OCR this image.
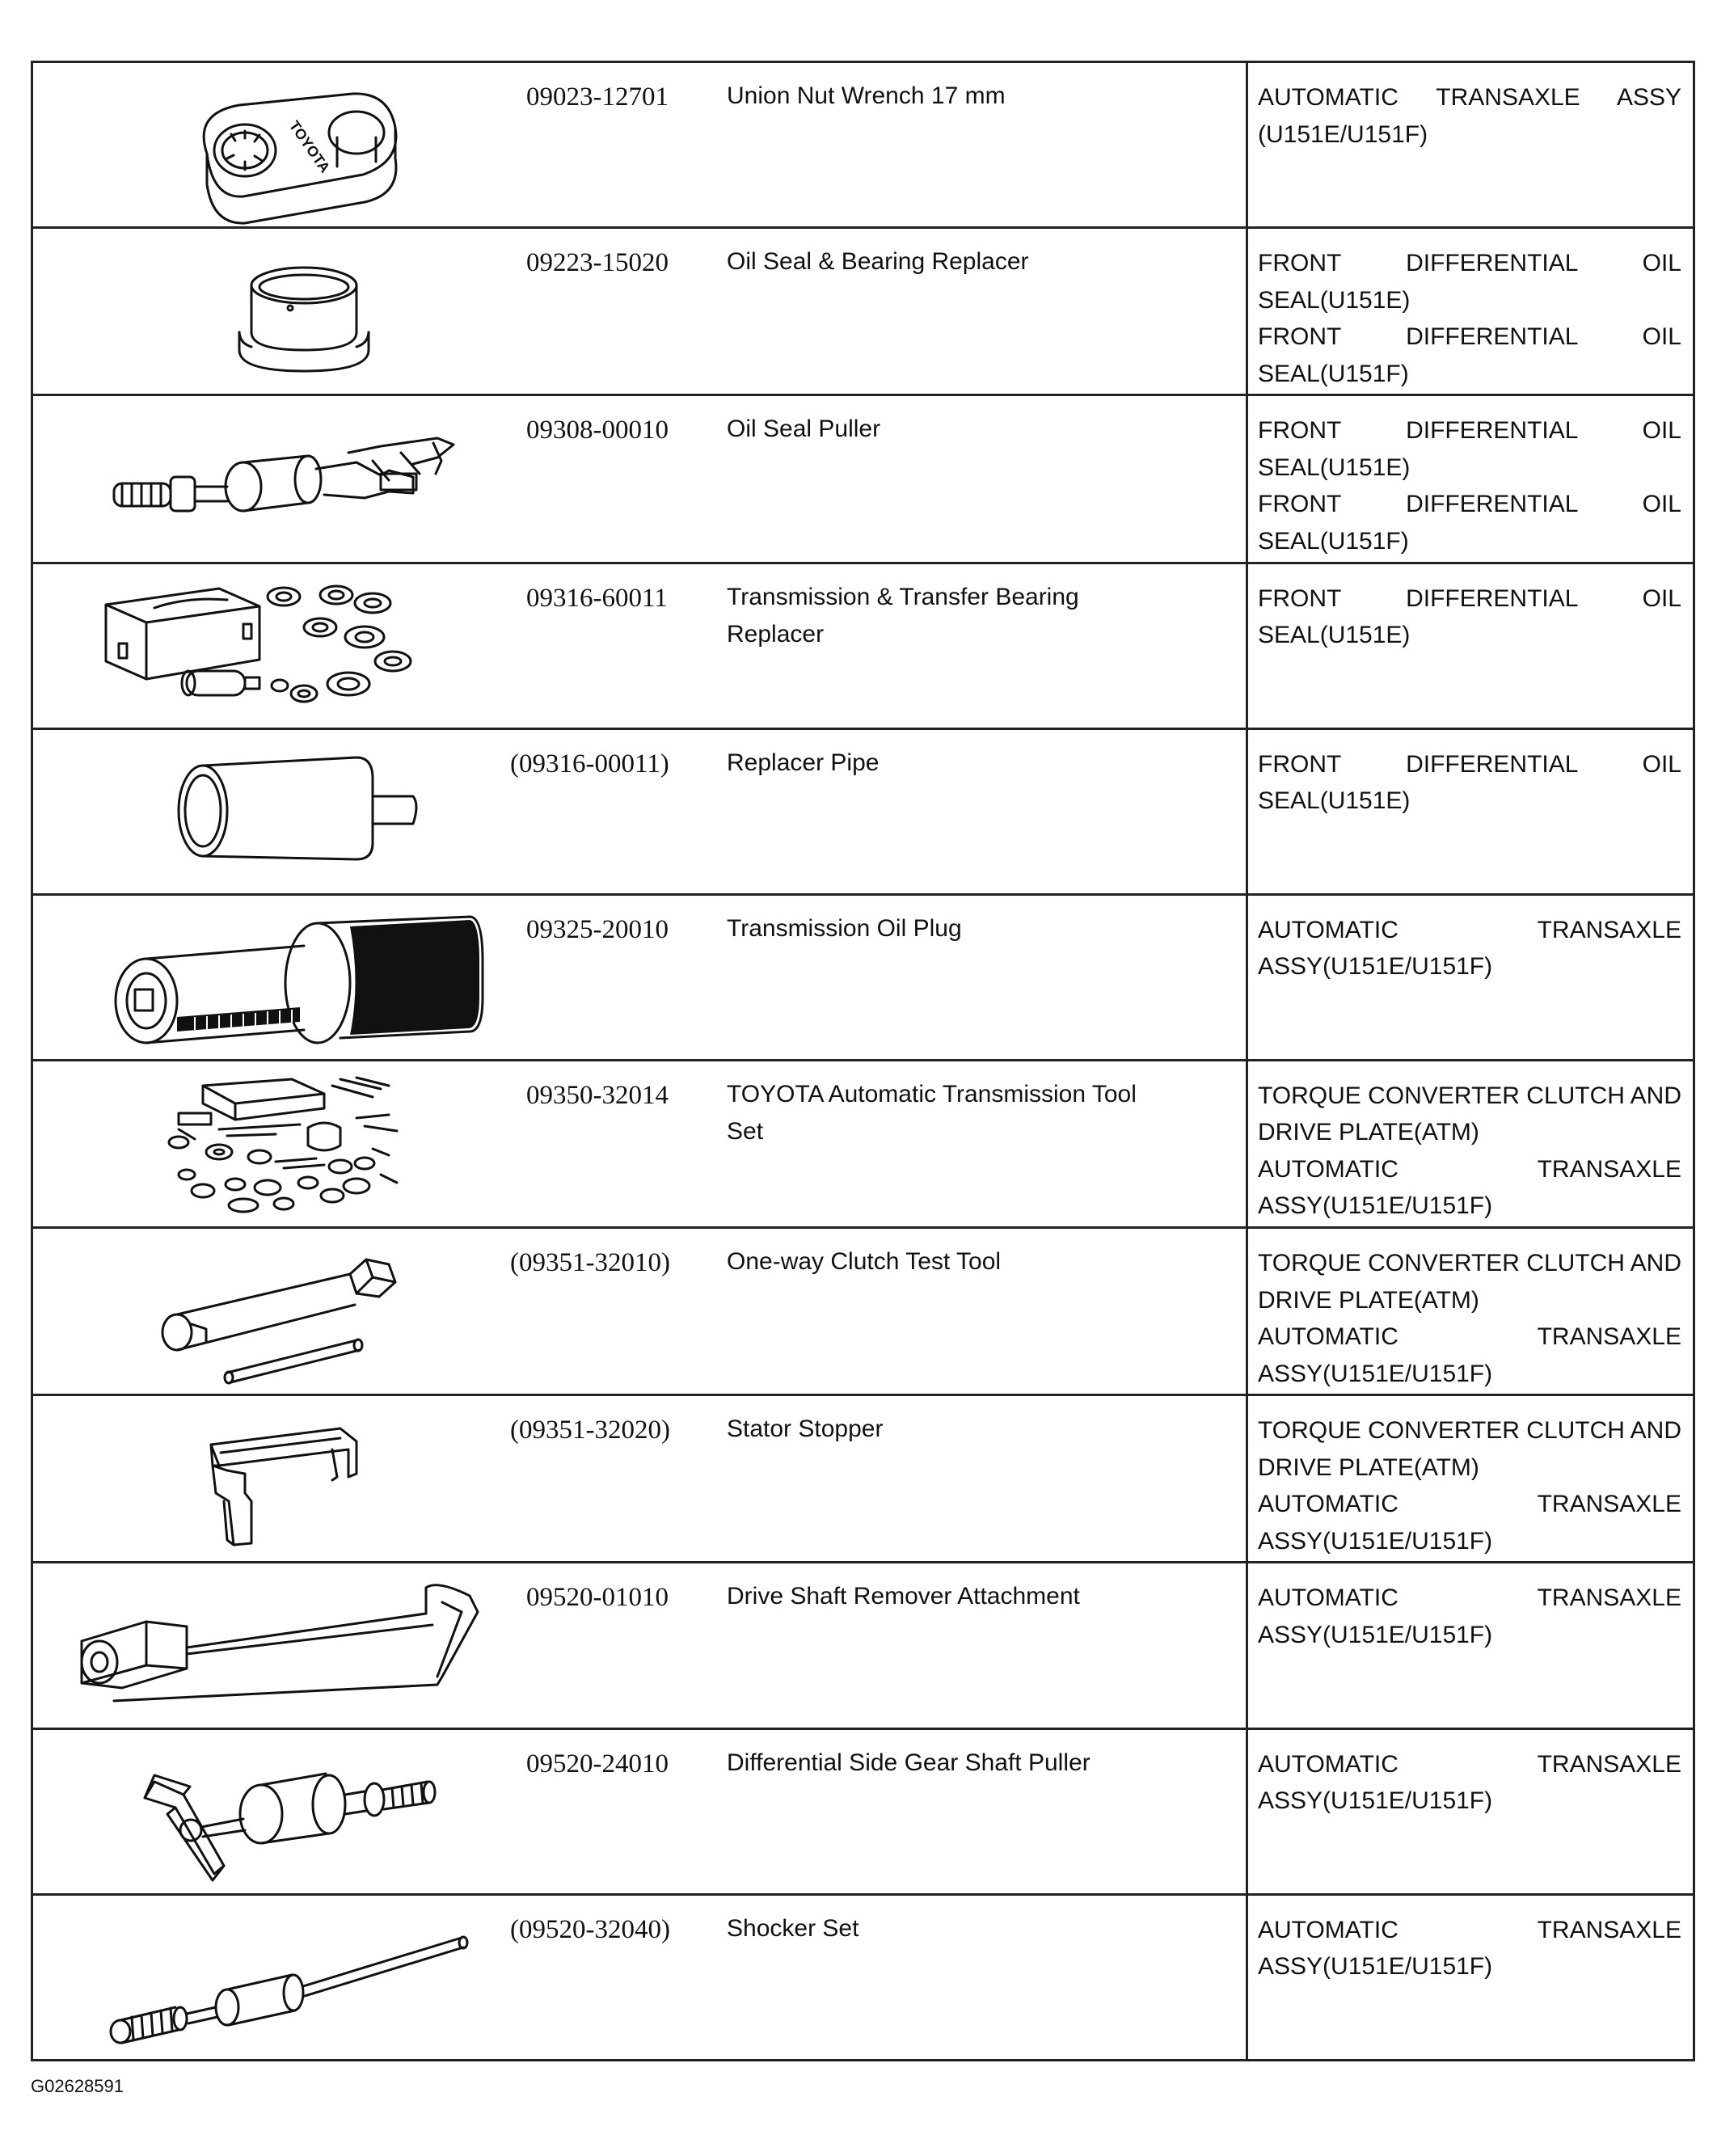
TOYOTA	09023-12701	Union Nut Wrench 17 mm	AUTOMATIC TRANSAXLE ASSY (U151E/U151F)

09223-15020	Oil Seal & Bearing Replacer	FRONT DIFFERENTIAL OIL SEAL(U151E)
FRONT DIFFERENTIAL OIL SEAL(U151F)

09308-00010	Oil Seal Puller	FRONT DIFFERENTIAL OIL SEAL(U151E)
FRONT DIFFERENTIAL OIL SEAL(U151F)

09316-60011	Transmission & Transfer Bearing Replacer	FRONT DIFFERENTIAL OIL SEAL(U151E)

(09316-00011)	Replacer Pipe	FRONT DIFFERENTIAL OIL SEAL(U151E)

09325-20010	Transmission Oil Plug	AUTOMATIC TRANSAXLE ASSY(U151E/U151F)

09350-32014	TOYOTA Automatic Transmission Tool Set	TORQUE CONVERTER CLUTCH AND DRIVE PLATE(ATM)
AUTOMATIC TRANSAXLE ASSY(U151E/U151F)

(09351-32010)	One-way Clutch Test Tool	TORQUE CONVERTER CLUTCH AND DRIVE PLATE(ATM)
AUTOMATIC TRANSAXLE ASSY(U151E/U151F)

(09351-32020)	Stator Stopper	TORQUE CONVERTER CLUTCH AND DRIVE PLATE(ATM)
AUTOMATIC TRANSAXLE ASSY(U151E/U151F)

09520-01010	Drive Shaft Remover Attachment	AUTOMATIC TRANSAXLE ASSY(U151E/U151F)

09520-24010	Differential Side Gear Shaft Puller	AUTOMATIC TRANSAXLE ASSY(U151E/U151F)

(09520-32040)	Shocker Set	AUTOMATIC TRANSAXLE ASSY(U151E/U151F)
G02628591
